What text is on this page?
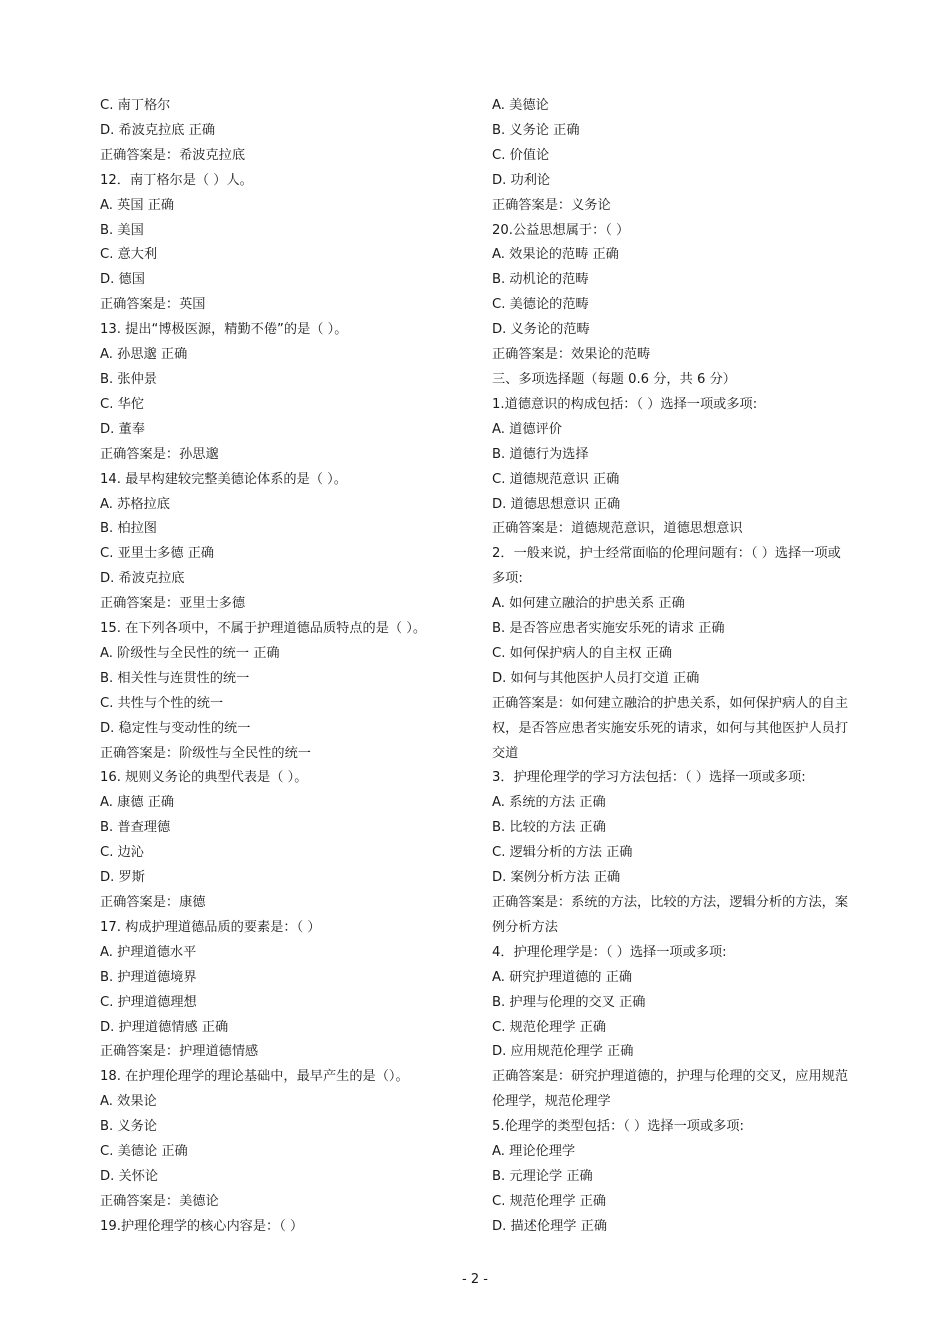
C. 南丁格尔
D. 希波克拉底 正确
正确答案是：希波克拉底
12．南丁格尔是（ ）人。
A. 英国 正确
B. 美国
C. 意大利
D. 德国
正确答案是：英国
13. 提出“博极医源，精勤不倦”的是（ ）。
A. 孙思邈 正确
B. 张仲景
C. 华佗
D. 董奉
正确答案是：孙思邈
14. 最早构建较完整美德论体系的是（ ）。
A. 苏格拉底
B. 柏拉图
C. 亚里士多德 正确
D. 希波克拉底
正确答案是：亚里士多德
15. 在下列各项中，不属于护理道德品质特点的是（ ）。
A. 阶级性与全民性的统一 正确
B. 相关性与连贯性的统一
C. 共性与个性的统一
D. 稳定性与变动性的统一
正确答案是：阶级性与全民性的统一
16. 规则义务论的典型代表是（ ）。
A. 康德 正确
B. 普查理德
C. 边沁
D. 罗斯
正确答案是：康德
17. 构成护理道德品质的要素是：（ ）
A. 护理道德水平
B. 护理道德境界
C. 护理道德理想
D. 护理道德情感 正确
正确答案是：护理道德情感
18. 在护理伦理学的理论基础中，最早产生的是（）。
A. 效果论
B. 义务论
C. 美德论 正确
D. 关怀论
正确答案是：美德论
19.护理伦理学的核心内容是：（ ）
A. 美德论
B. 义务论 正确
C. 价值论
D. 功利论
正确答案是：义务论
20.公益思想属于：（ ）
A. 效果论的范畴 正确
B. 动机论的范畴
C. 美德论的范畴
D. 义务论的范畴
正确答案是：效果论的范畴
三、多项选择题（每题 0.6 分，共 6 分）
1.道德意识的构成包括：（ ）选择一项或多项:
A. 道德评价
B. 道德行为选择
C. 道德规范意识 正确
D. 道德思想意识 正确
正确答案是：道德规范意识，道德思想意识
2．一般来说，护士经常面临的伦理问题有：（ ）选择一项或多项:
A. 如何建立融洽的护患关系 正确
B. 是否答应患者实施安乐死的请求 正确
C. 如何保护病人的自主权 正确
D. 如何与其他医护人员打交道 正确
正确答案是：如何建立融洽的护患关系，如何保护病人的自主权，是否答应患者实施安乐死的请求，如何与其他医护人员打交道
3．护理伦理学的学习方法包括：（ ）选择一项或多项:
A. 系统的方法 正确
B. 比较的方法 正确
C. 逻辑分析的方法 正确
D. 案例分析方法 正确
正确答案是：系统的方法，比较的方法，逻辑分析的方法，案例分析方法
4．护理伦理学是：（ ）选择一项或多项:
A. 研究护理道德的 正确
B. 护理与伦理的交叉 正确
C. 规范伦理学 正确
D. 应用规范伦理学 正确
正确答案是：研究护理道德的，护理与伦理的交叉，应用规范伦理学，规范伦理学
5.伦理学的类型包括：（ ）选择一项或多项:
A. 理论伦理学
B. 元理论学 正确
C. 规范伦理学 正确
D. 描述伦理学 正确
- 2 -
